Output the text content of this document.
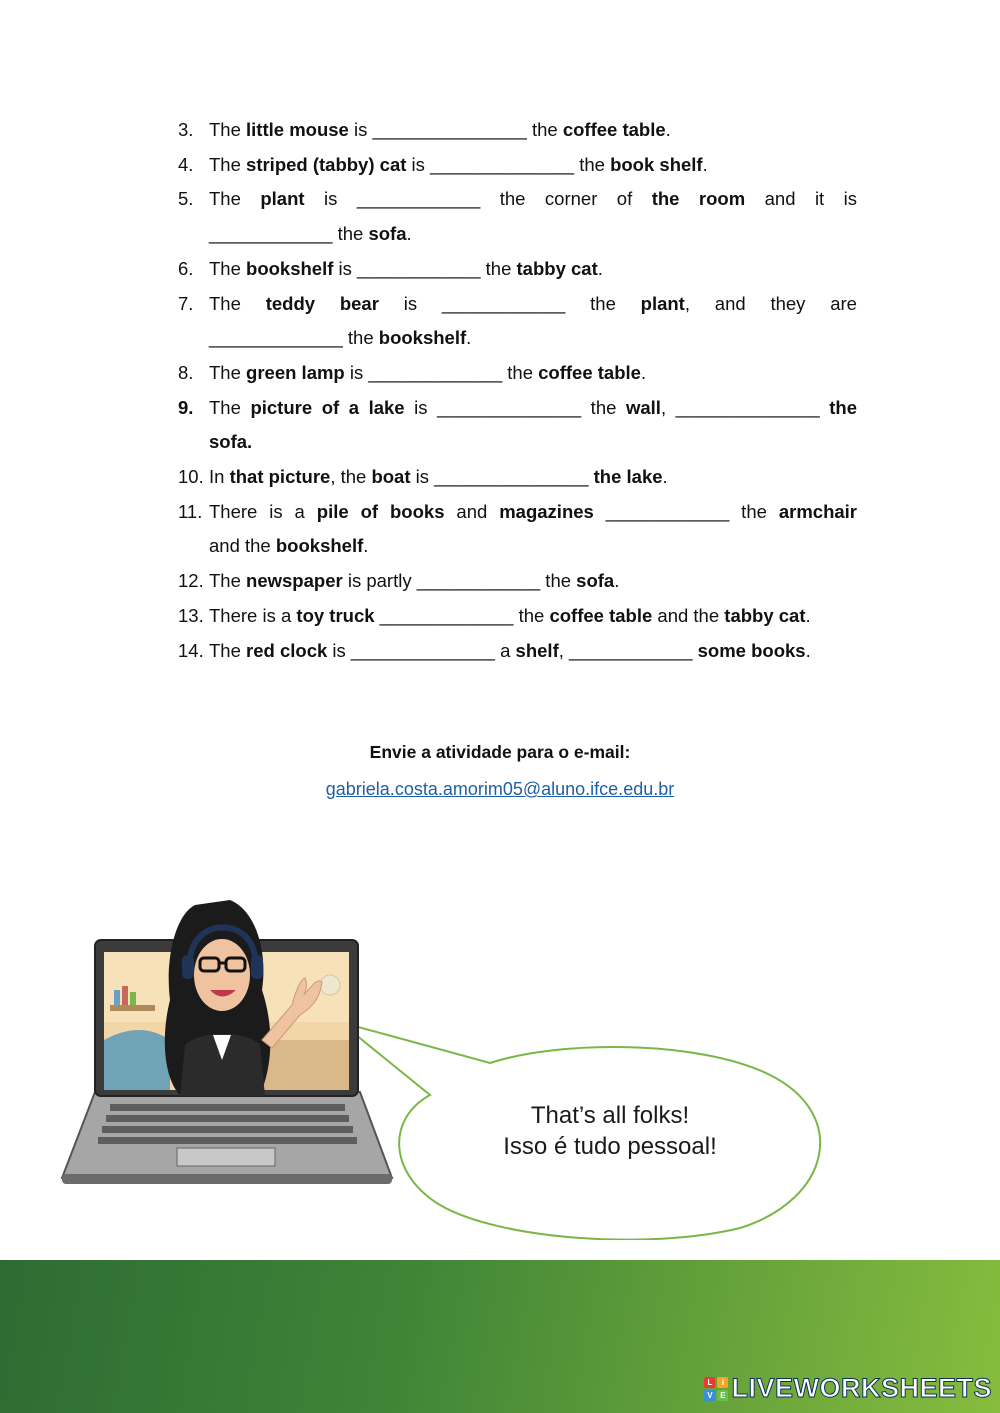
3. The little mouse is _______________ the coffee table.
4. The striped (tabby) cat is ______________ the book shelf.
5. The plant is ____________ the corner of the room and it is
____________ the sofa.
6. The bookshelf is ____________ the tabby cat.
7. The teddy bear is ____________ the plant, and they are
_____________ the bookshelf.
8. The green lamp is _____________ the coffee table.
9. The picture of a lake is ______________ the wall, ______________ the
sofa.
10. In that picture, the boat is _______________ the lake.
11. There is a pile of books and magazines ____________ the armchair
and the bookshelf.
12. The newspaper is partly ____________ the sofa.
13. There is a toy truck _____________ the coffee table and the tabby cat.
14. The red clock is ______________ a shelf, ____________ some books.
Envie a atividade para o e-mail:
gabriela.costa.amorim05@aluno.ifce.edu.br
That’s all folks!
Isso é tudo pessoal!
L	I
V E LIVEWORKSHEETS
